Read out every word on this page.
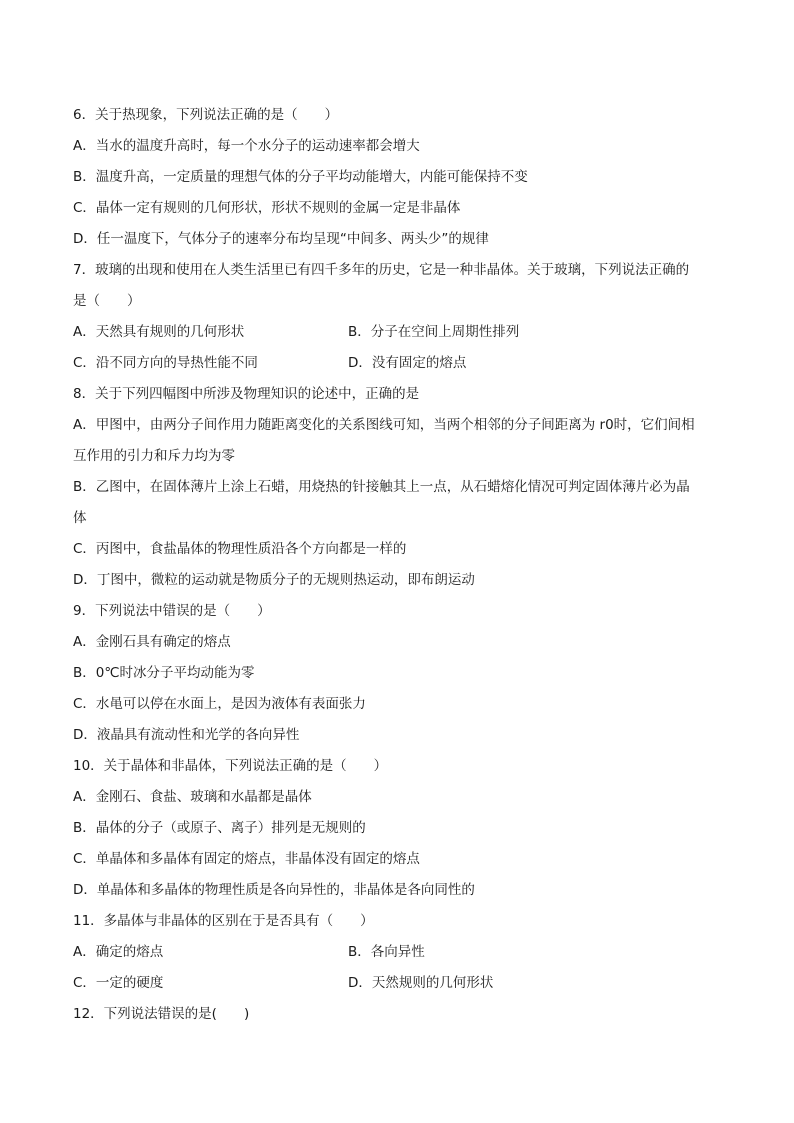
6．关于热现象，下列说法正确的是（　　）
A．当水的温度升高时，每一个水分子的运动速率都会增大
B．温度升高，一定质量的理想气体的分子平均动能增大，内能可能保持不变
C．晶体一定有规则的几何形状，形状不规则的金属一定是非晶体
D．任一温度下，气体分子的速率分布均呈现“中间多、两头少”的规律
7．玻璃的出现和使用在人类生活里已有四千多年的历史，它是一种非晶体。关于玻璃，下列说法正确的
是（　　）
A．天然具有规则的几何形状	B．分子在空间上周期性排列
C．沿不同方向的导热性能不同	D．没有固定的熔点
8．关于下列四幅图中所涉及物理知识的论述中，正确的是
A．甲图中，由两分子间作用力随距离变化的关系图线可知，当两个相邻的分子间距离为 r0时，它们间相
互作用的引力和斥力均为零
B．乙图中，在固体薄片上涂上石蜡，用烧热的针接触其上一点，从石蜡熔化情况可判定固体薄片必为晶
体
C．丙图中，食盐晶体的物理性质沿各个方向都是一样的
D．丁图中，微粒的运动就是物质分子的无规则热运动，即布朗运动
9．下列说法中错误的是（　　）
A．金刚石具有确定的熔点
B．0℃时冰分子平均动能为零
C．水黾可以停在水面上，是因为液体有表面张力
D．液晶具有流动性和光学的各向异性
10．关于晶体和非晶体，下列说法正确的是（　　）
A．金刚石、食盐、玻璃和水晶都是晶体
B．晶体的分子（或原子、离子）排列是无规则的
C．单晶体和多晶体有固定的熔点，非晶体没有固定的熔点
D．单晶体和多晶体的物理性质是各向异性的，非晶体是各向同性的
11．多晶体与非晶体的区别在于是否具有（　　）
A．确定的熔点	B．各向异性
C．一定的硬度	D．天然规则的几何形状
12．下列说法错误的是(　　)
